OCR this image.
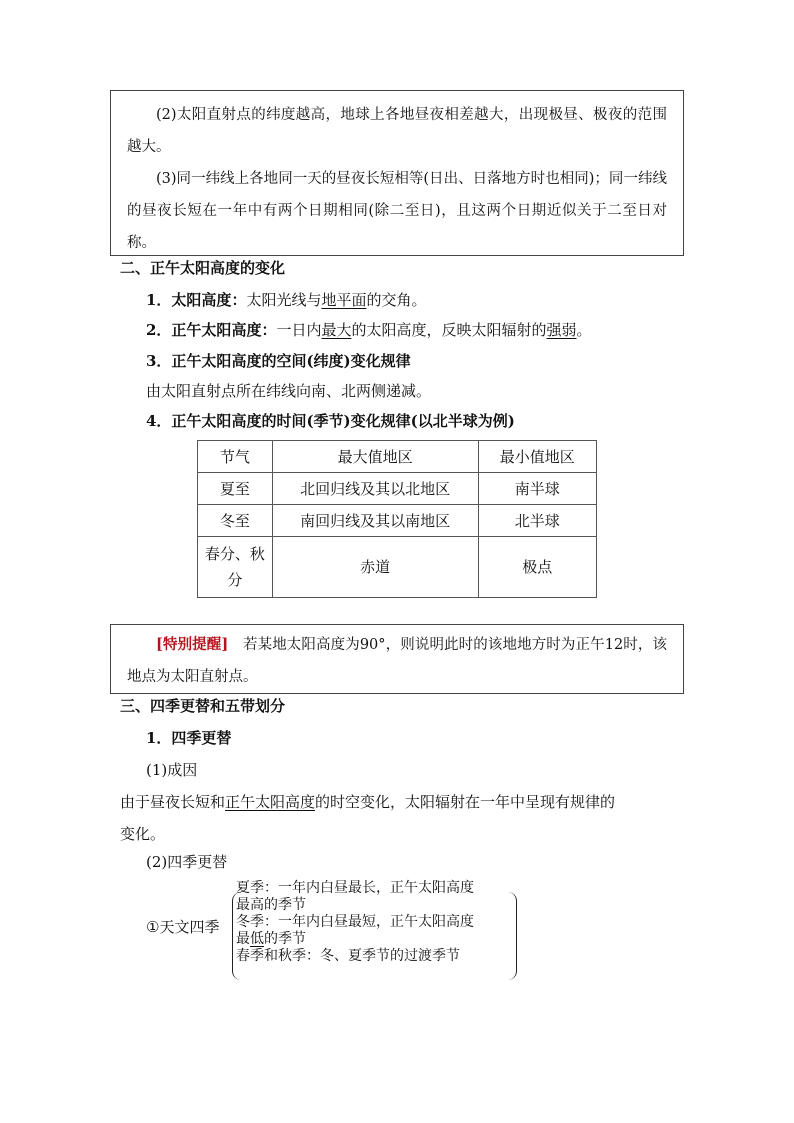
(2)太阳直射点的纬度越高，地球上各地昼夜相差越大，出现极昼、极夜的范围越大。

(3)同一纬线上各地同一天的昼夜长短相等(日出、日落地方时也相同)；同一纬线的昼夜长短在一年中有两个日期相同(除二至日)，且这两个日期近似关于二至日对称。

二、正午太阳高度的变化
1．太阳高度：太阳光线与地平面的交角。
2．正午太阳高度：一日内最大的太阳高度，反映太阳辐射的强弱。
3．正午太阳高度的空间(纬度)变化规律
由太阳直射点所在纬线向南、北两侧递减。
4．正午太阳高度的时间(季节)变化规律(以北半球为例)
节气	最大值地区	最小值地区
夏至	北回归线及其以北地区	南半球
冬至	南回归线及其以南地区	北半球
春分、秋
分	赤道	极点

[特别提醒]　若某地太阳高度为90°，则说明此时的该地地方时为正午12时，该地点为太阳直射点。

三、四季更替和五带划分
1．四季更替
(1)成因
由于昼夜长短和正午太阳高度的时空变化，太阳辐射在一年中呈现有规律的
变化。
(2)四季更替
①天文四季
夏季：一年内白昼最长，正午太阳高度
最高的季节
冬季：一年内白昼最短，正午太阳高度
最低的季节
春季和秋季：冬、夏季节的过渡季节
